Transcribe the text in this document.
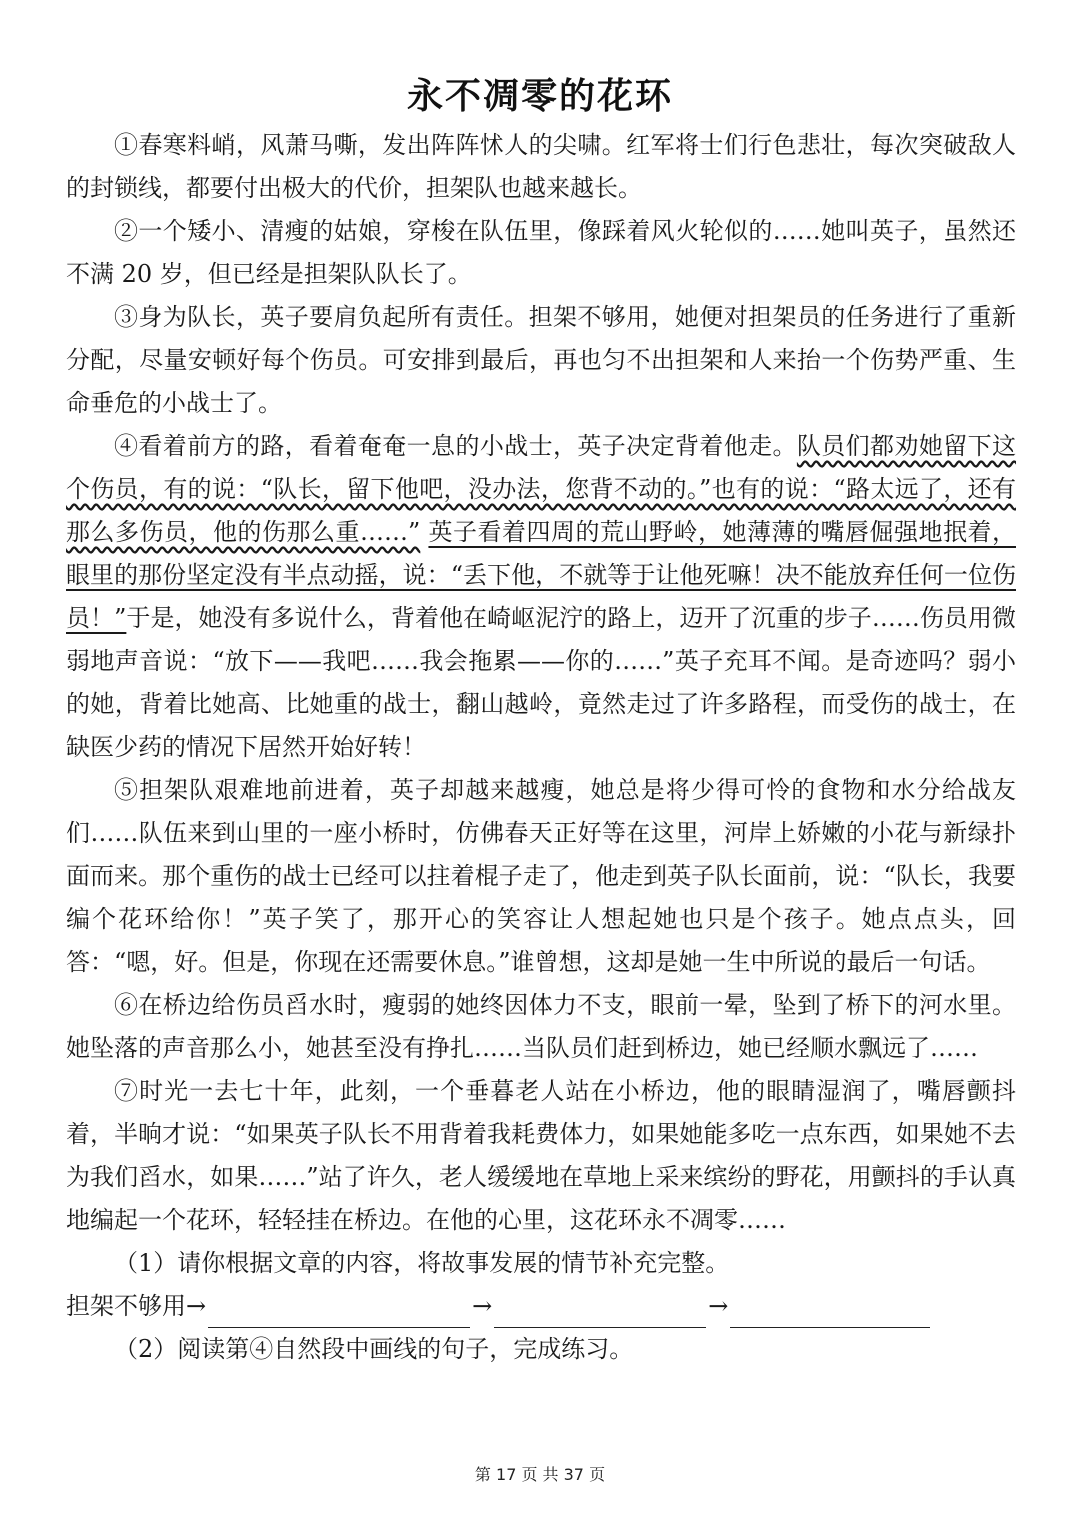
永不凋零的花环

①春寒料峭，风萧马嘶，发出阵阵怵人的尖啸。红军将士们行色悲壮，每次突破敌人的封锁线，都要付出极大的代价，担架队也越来越长。

②一个矮小、清瘦的姑娘，穿梭在队伍里，像踩着风火轮似的……她叫英子，虽然还不满 20 岁，但已经是担架队队长了。

③身为队长，英子要肩负起所有责任。担架不够用，她便对担架员的任务进行了重新分配，尽量安顿好每个伤员。可安排到最后，再也匀不出担架和人来抬一个伤势严重、生命垂危的小战士了。

④看着前方的路，看着奄奄一息的小战士，英子决定背着他走。队员们都劝她留下这个伤员，有的说：“队长，留下他吧，没办法，您背不动的。”也有的说：“路太远了，还有那么多伤员，他的伤那么重……” 英子看着四周的荒山野岭，她薄薄的嘴唇倔强地抿着，眼里的那份坚定没有半点动摇，说：“丢下他，不就等于让他死嘛！决不能放弃任何一位伤员！”于是，她没有多说什么，背着他在崎岖泥泞的路上，迈开了沉重的步子……伤员用微弱地声音说：“放下——我吧……我会拖累——你的……”英子充耳不闻。是奇迹吗？弱小的她，背着比她高、比她重的战士，翻山越岭，竟然走过了许多路程，而受伤的战士，在缺医少药的情况下居然开始好转！

⑤担架队艰难地前进着，英子却越来越瘦，她总是将少得可怜的食物和水分给战友们……队伍来到山里的一座小桥时，仿佛春天正好等在这里，河岸上娇嫩的小花与新绿扑面而来。那个重伤的战士已经可以拄着棍子走了，他走到英子队长面前，说：“队长，我要编个花环给你！”英子笑了，那开心的笑容让人想起她也只是个孩子。她点点头，回答：“嗯，好。但是，你现在还需要休息。”谁曾想，这却是她一生中所说的最后一句话。

⑥在桥边给伤员舀水时，瘦弱的她终因体力不支，眼前一晕，坠到了桥下的河水里。她坠落的声音那么小，她甚至没有挣扎……当队员们赶到桥边，她已经顺水飘远了……

⑦时光一去七十年，此刻，一个垂暮老人站在小桥边，他的眼睛湿润了，嘴唇颤抖着，半晌才说：“如果英子队长不用背着我耗费体力，如果她能多吃一点东西，如果她不去为我们舀水，如果……”站了许久，老人缓缓地在草地上采来缤纷的野花，用颤抖的手认真地编起一个花环，轻轻挂在桥边。在他的心里，这花环永不凋零……

（1）请你根据文章的内容，将故事发展的情节补充完整。

担架不够用 →	→	→

（2）阅读第④自然段中画线的句子，完成练习。

第 17 页 共 37 页
